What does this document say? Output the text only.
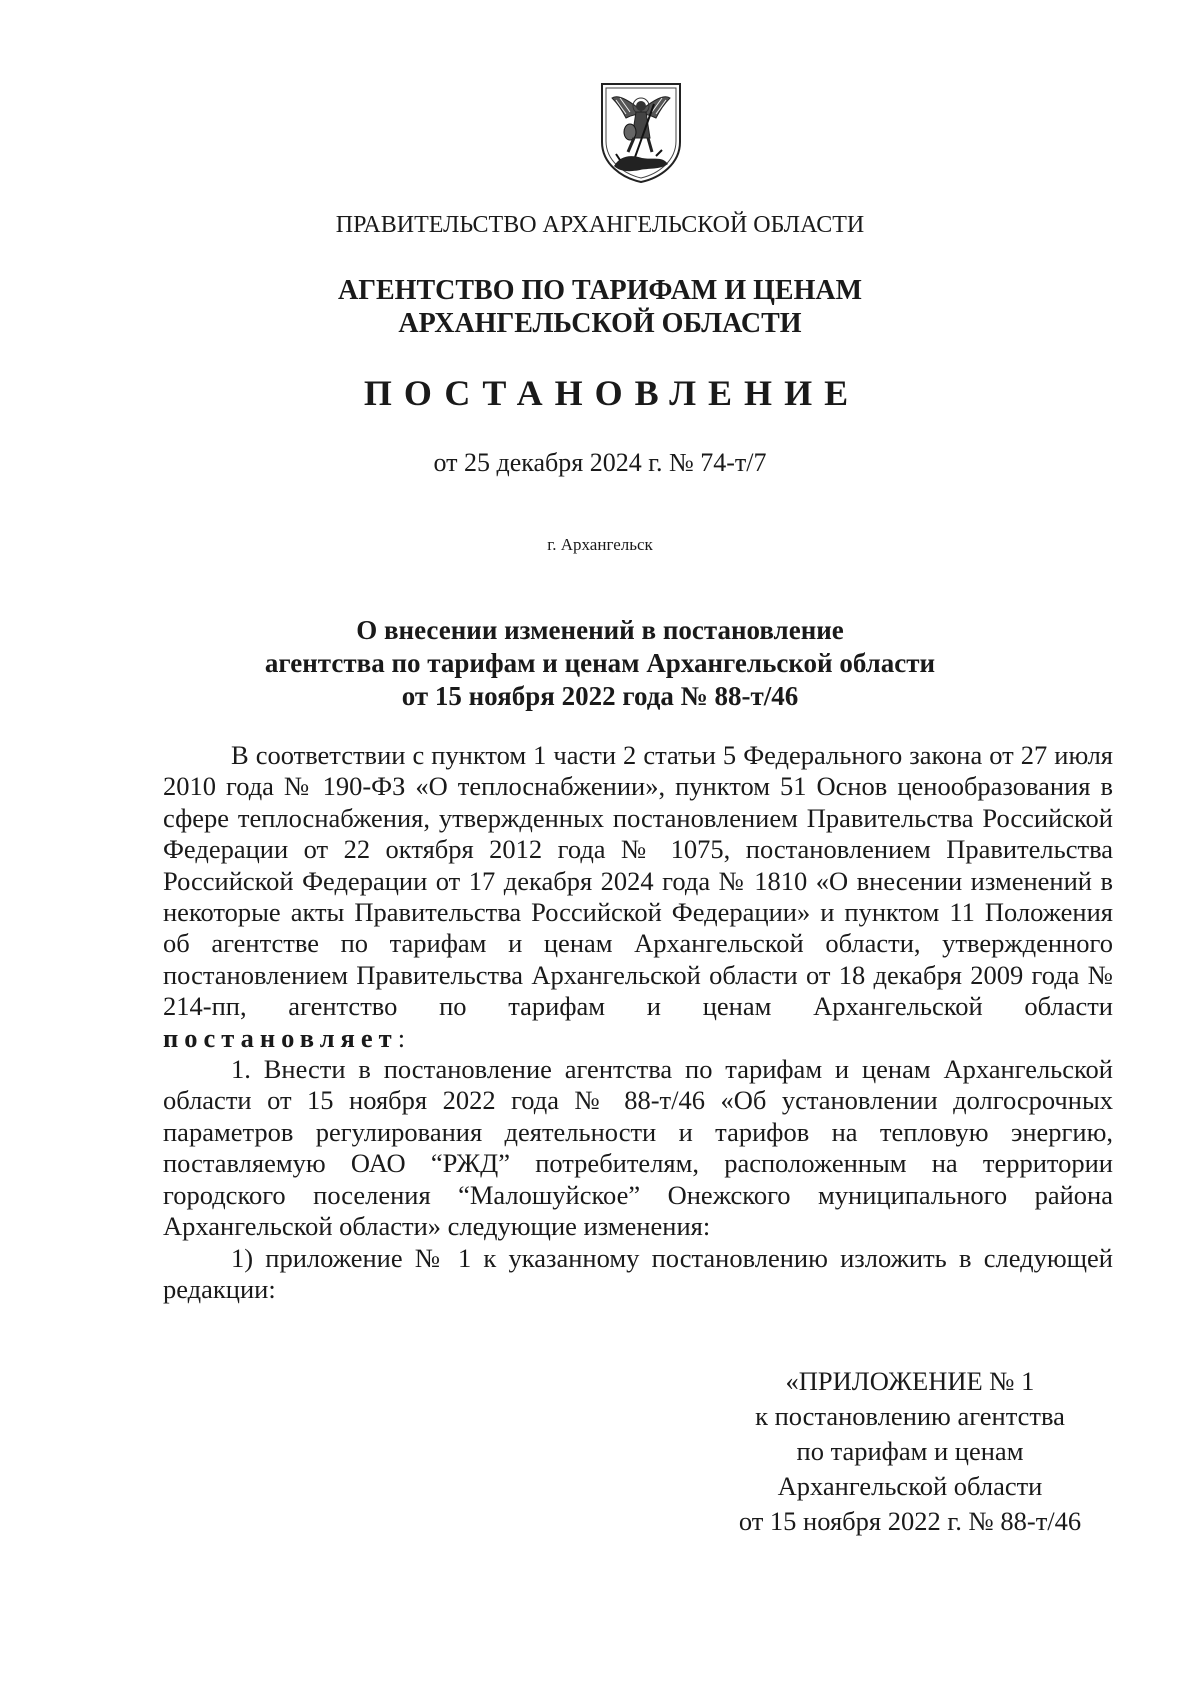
ПРАВИТЕЛЬСТВО АРХАНГЕЛЬСКОЙ ОБЛАСТИ
АГЕНТСТВО ПО ТАРИФАМ И ЦЕНАМ
АРХАНГЕЛЬСКОЙ ОБЛАСТИ
ПОСТАНОВЛЕНИЕ
от 25 декабря 2024 г. № 74-т/7
г. Архангельск
О внесении изменений в постановление
агентства по тарифам и ценам Архангельской области
от 15 ноября 2022 года № 88-т/46

В соответствии с пунктом 1 части 2 статьи 5 Федерального закона от 27 июля 2010 года № 190-ФЗ «О теплоснабжении», пунктом 51 Основ ценообразования в сфере теплоснабжения, утвержденных постановлением Правительства Российской Федерации от 22 октября 2012 года № 1075, постановлением Правительства Российской Федерации от 17 декабря 2024 года № 1810 «О внесении изменений в некоторые акты Правительства Российской Федерации» и пунктом 11 Положения об агентстве по тарифам и ценам Архангельской области, утвержденного постановлением Правительства Архангельской области от 18 декабря 2009 года № 214-пп, агентство по тарифам и ценам Архангельской области постановляет:

1. Внести в постановление агентства по тарифам и ценам Архангельской области от 15 ноября 2022 года № 88-т/46 «Об установлении долгосрочных параметров регулирования деятельности и тарифов на тепловую энергию, поставляемую ОАО “РЖД” потребителям, расположенным на территории городского поселения “Малошуйское” Онежского муниципального района Архангельской области» следующие изменения:

1) приложение № 1 к указанному постановлению изложить в следующей редакции:

«ПРИЛОЖЕНИЕ № 1
к постановлению агентства
по тарифам и ценам
Архангельской области
от 15 ноября 2022 г. № 88-т/46
